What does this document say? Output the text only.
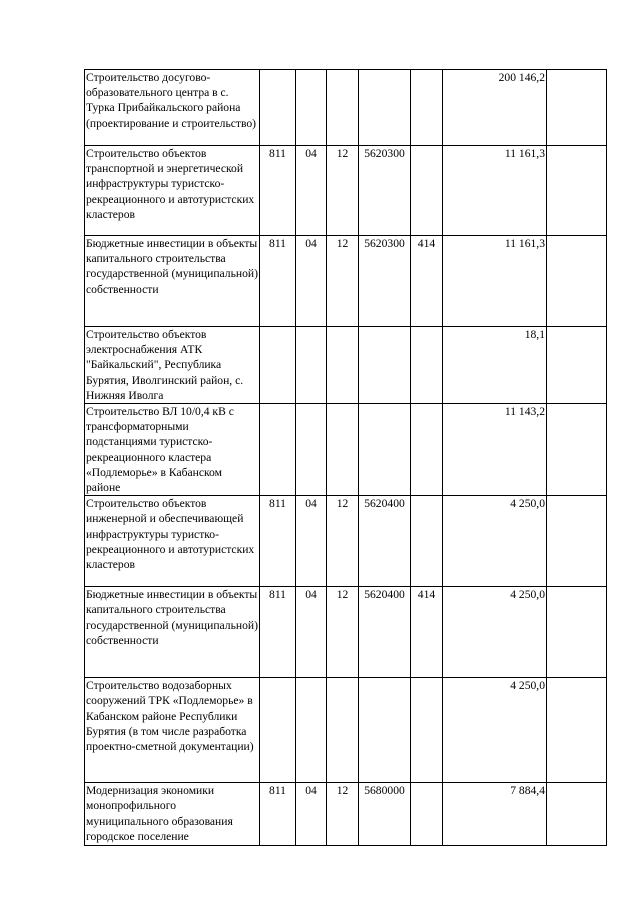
Строительство досугово-образовательного центра в с. Турка Прибайкальского района (проектирование и строительство)						200 146,2	
Строительство объектов транспортной и энергетической инфраструктуры туристско-рекреационного и автотуристских кластеров	811	04	12	5620300		11 161,3	
Бюджетные инвестиции в объекты капитального строительства государственной (муниципальной) собственности	811	04	12	5620300	414	11 161,3	
Строительство объектов электроснабжения АТК "Байкальский", Республика Бурятия, Иволгинский район, с. Нижняя Иволга						18,1	
Строительство ВЛ 10/0,4 кВ с трансформаторными подстанциями туристско-рекреационного кластера «Подлеморье» в Кабанском районе						11 143,2	
Строительство объектов инженерной и обеспечивающей инфраструктуры туристко-рекреационного и автотуристских кластеров	811	04	12	5620400		4 250,0	
Бюджетные инвестиции в объекты капитального строительства государственной (муниципальной) собственности	811	04	12	5620400	414	4 250,0	
Строительство водозаборных сооружений ТРК «Подлеморье» в Кабанском районе Республики Бурятия (в том числе разработка проектно-сметной документации)						4 250,0	
Модернизация экономики монопрофильного муниципального образования городское поселение	811	04	12	5680000		7 884,4	
